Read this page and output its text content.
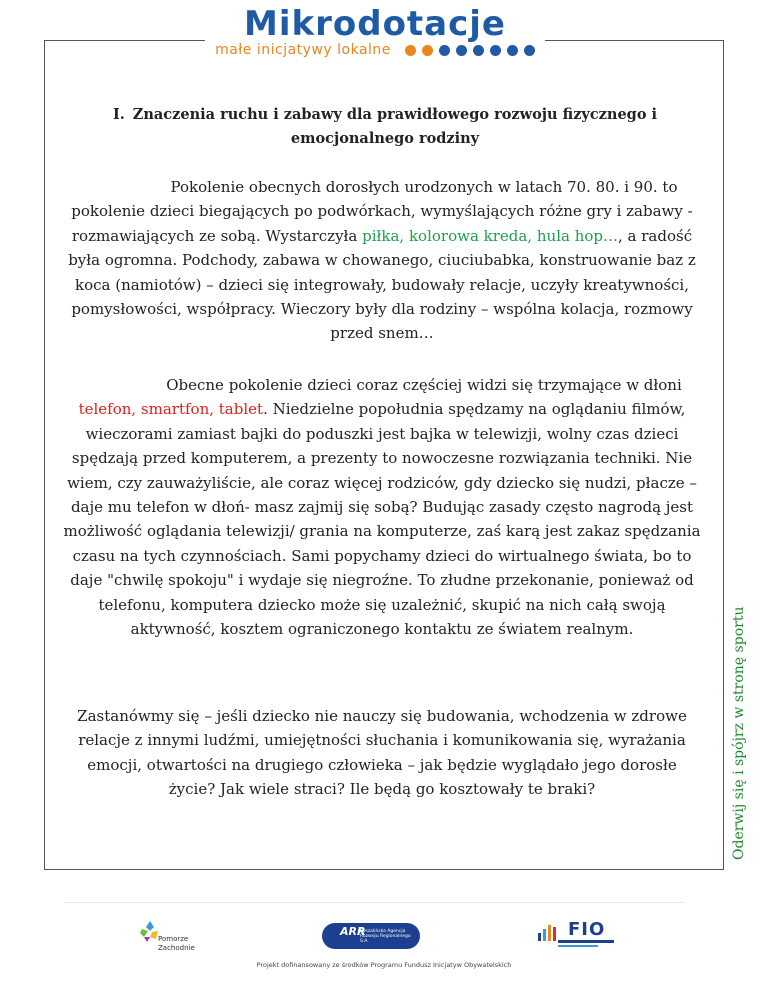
Mikrodotacje
małe inicjatywy lokalne
I. Znaczenia ruchu i zabawy dla prawidłowego rozwoju fizycznego i emocjonalnego rodziny

Pokolenie obecnych dorosłych urodzonych w latach 70. 80. i 90. to pokolenie dzieci biegających po podwórkach, wymyślających różne gry i zabawy - rozmawiających ze sobą. Wystarczyła piłka, kolorowa kreda, hula hop…, a radość była ogromna. Podchody, zabawa w chowanego, ciuciubabka, konstruowanie baz z koca (namiotów) – dzieci się integrowały, budowały relacje, uczyły kreatywności, pomysłowości, współpracy. Wieczory były dla rodziny – wspólna kolacja, rozmowy przed snem…

Obecne pokolenie dzieci coraz częściej widzi się trzymające w dłoni telefon, smartfon, tablet. Niedzielne popołudnia spędzamy na oglądaniu filmów, wieczorami zamiast bajki do poduszki jest bajka w telewizji, wolny czas dzieci spędzają przed komputerem, a prezenty to nowoczesne rozwiązania techniki. Nie wiem, czy zauważyliście, ale coraz więcej rodziców, gdy dziecko się nudzi, płacze – daje mu telefon w dłoń- masz zajmij się sobą? Budując zasady często nagrodą jest możliwość oglądania telewizji/ grania na komputerze, zaś karą jest zakaz spędzania czasu na tych czynnościach. Sami popychamy dzieci do wirtualnego świata, bo to daje "chwilę spokoju" i wydaje się niegroźne. To złudne przekonanie, ponieważ od telefonu, komputera dziecko może się uzależnić, skupić na nich całą swoją aktywność, kosztem ograniczonego kontaktu ze światem realnym.

Zastanówmy się – jeśli dziecko nie nauczy się budowania, wchodzenia w zdrowe relacje z innymi ludźmi, umiejętności słuchania i komunikowania się, wyrażania emocji, otwartości na drugiego człowieka – jak będzie wyglądało jego dorosłe życie? Jak wiele straci? Ile będą go kosztowały te braki?	Oderwij się i spójrz w stronę sportu
Pomorze Zachodnie
ARR
Koszalińska Agencja Rozwoju Regionalnego S.A.
FIO
Projekt dofinansowany ze środków Programu Fundusz Inicjatyw Obywatelskich
